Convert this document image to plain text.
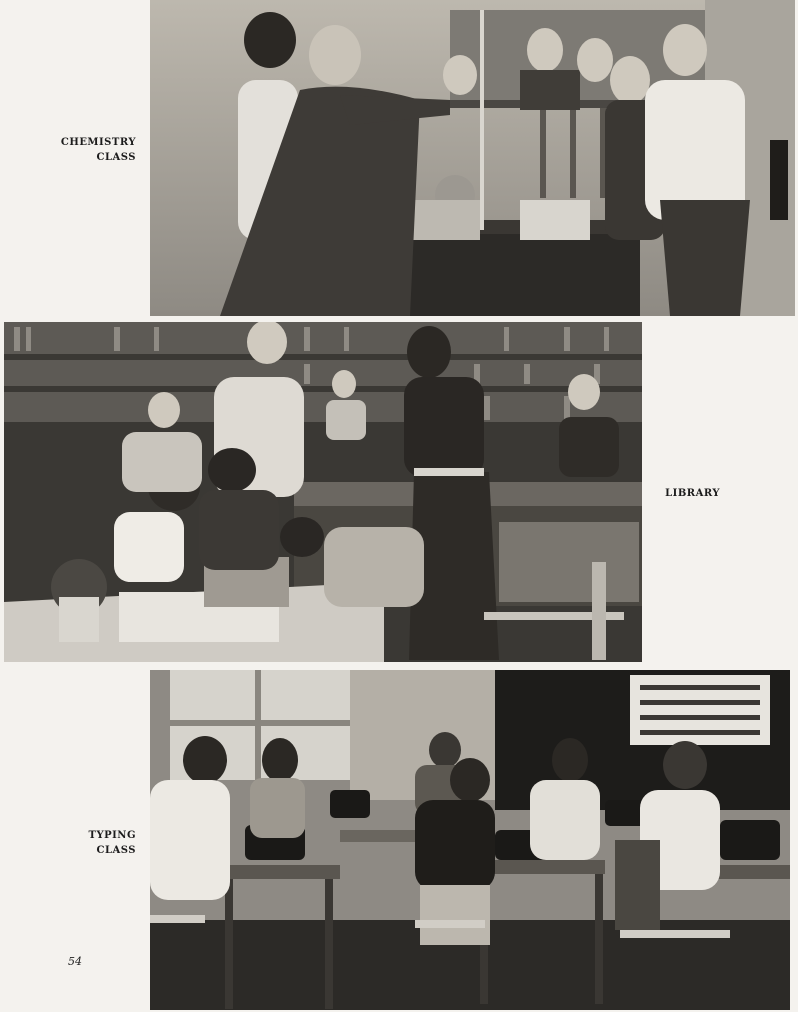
CHEMISTRY
CLASS
LIBRARY
TYPING
CLASS
54
